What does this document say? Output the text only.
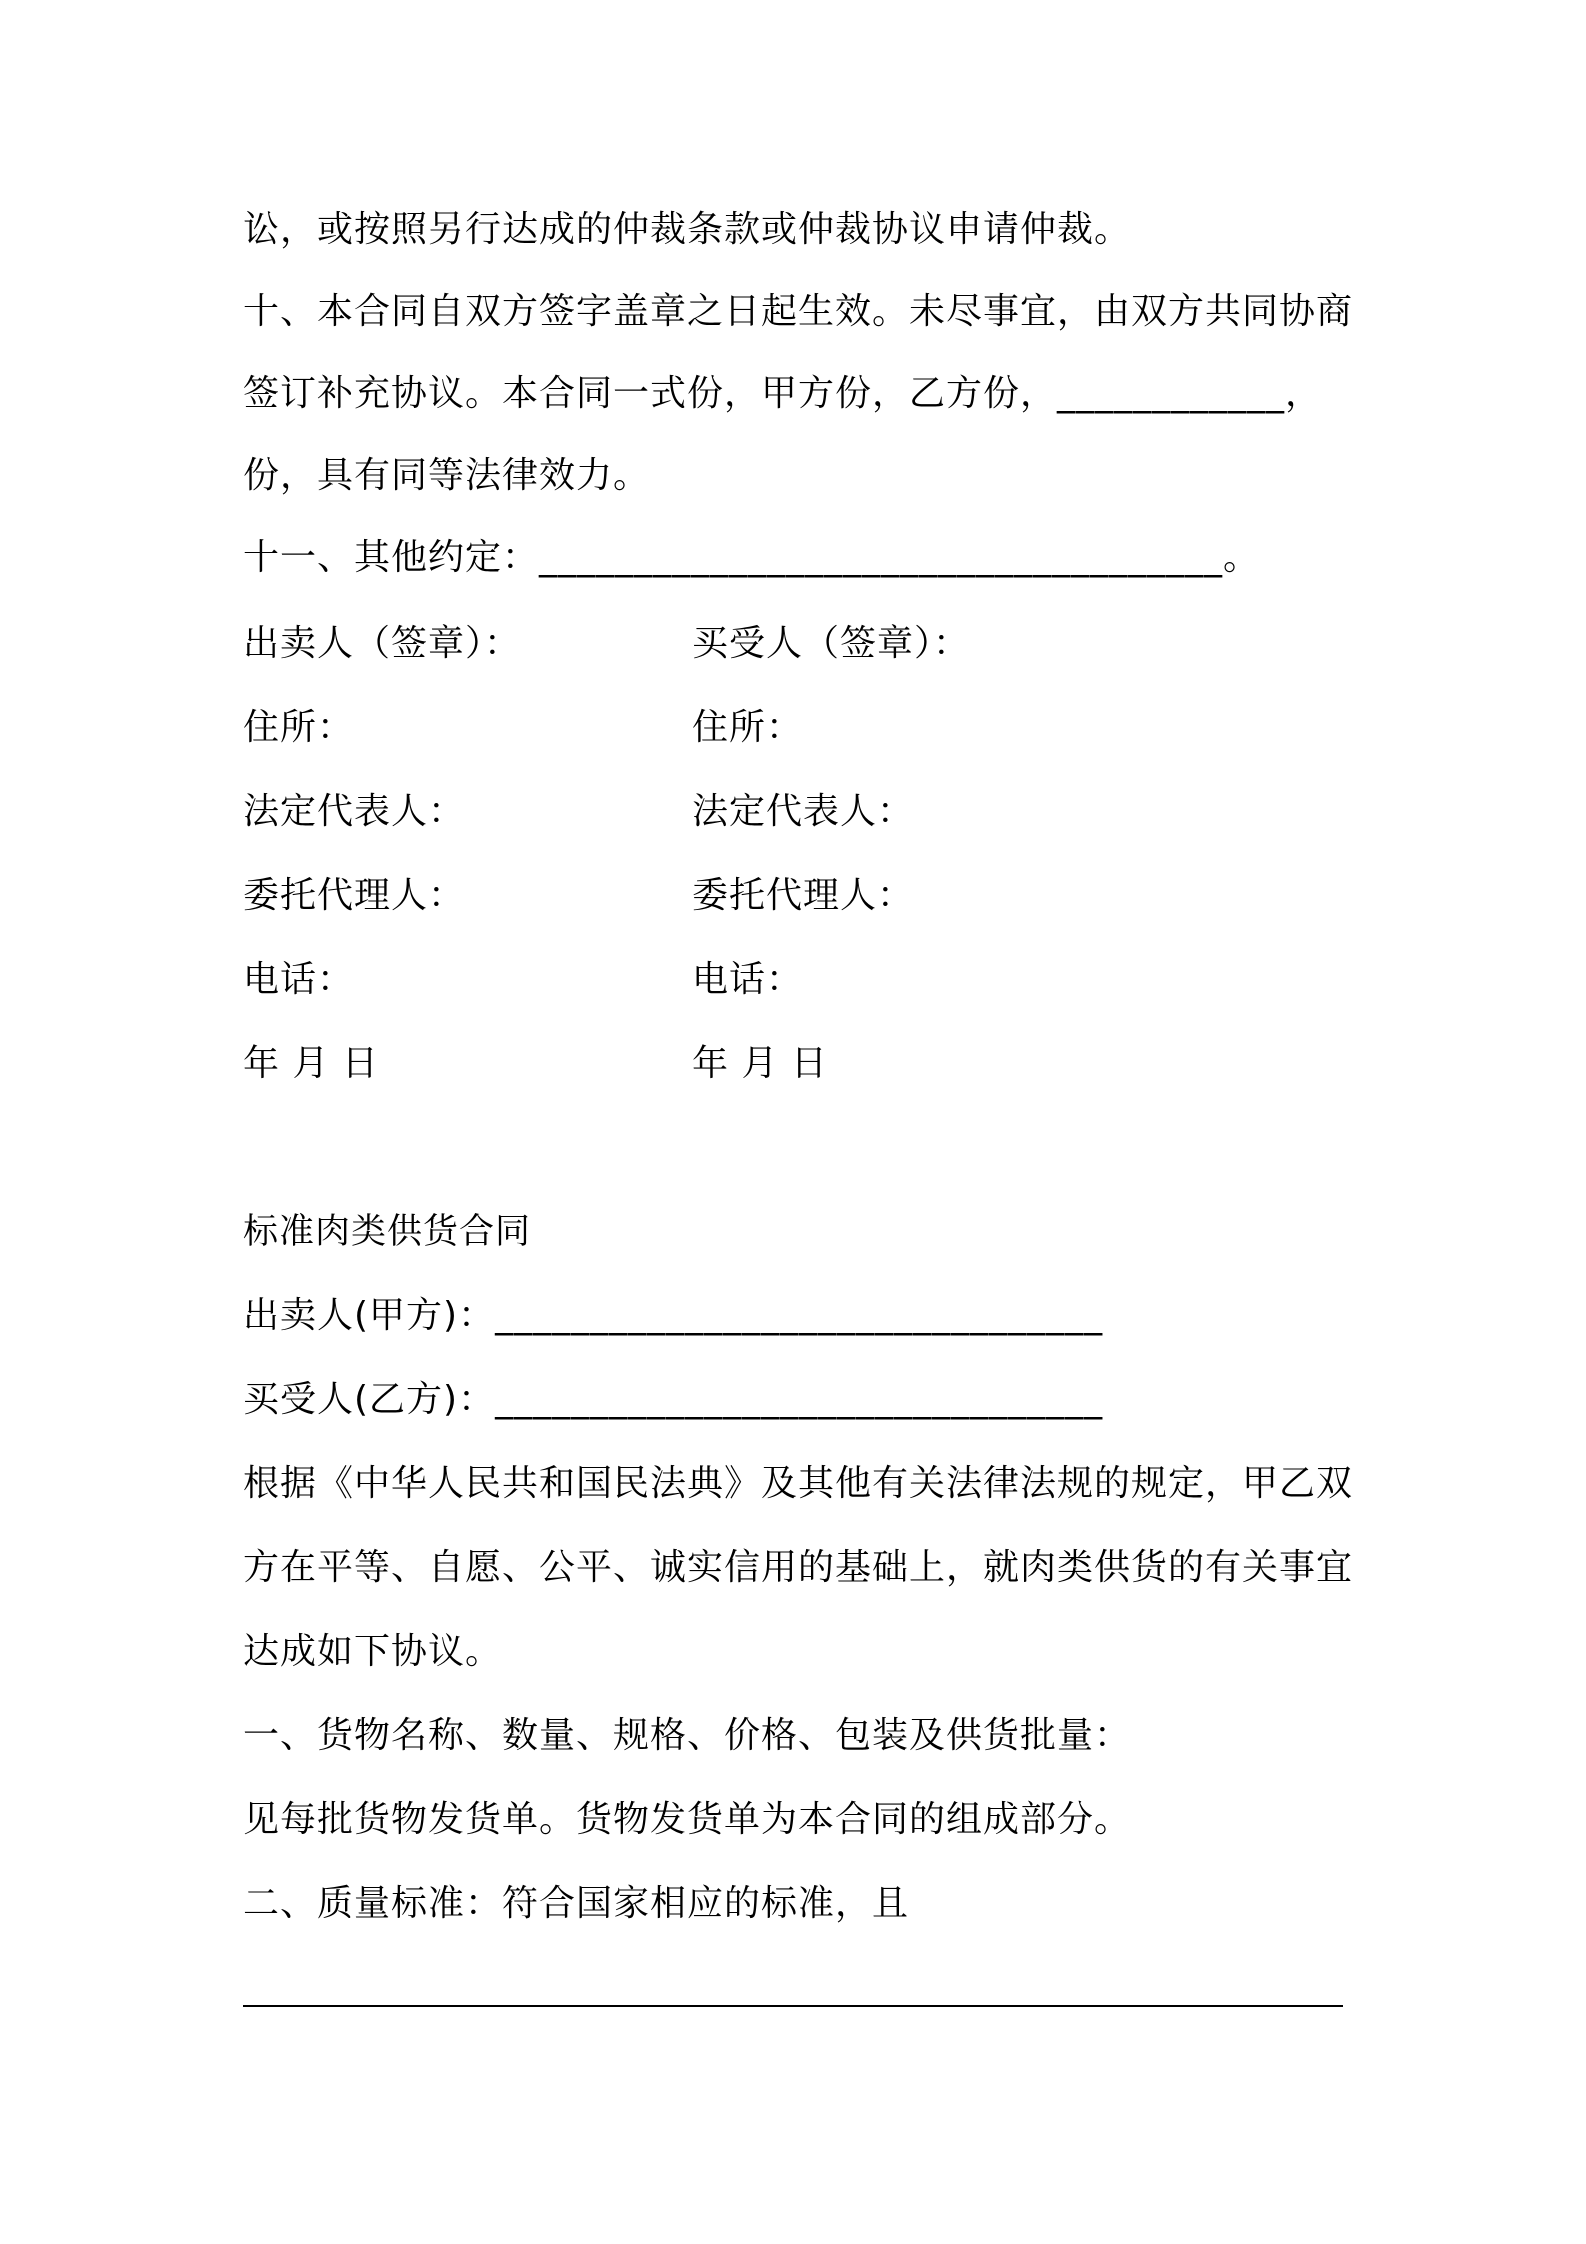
讼，或按照另行达成的仲裁条款或仲裁协议申请仲裁。
十、本合同自双方签字盖章之日起生效。未尽事宜，由双方共同协商
签订补充协议。本合同一式份，甲方份，乙方份，____________，
份，具有同等法律效力。
十一、其他约定：____________________________________。
出卖人（签章）：
住所：
法定代表人：
委托代理人：
电话：
年 月 日
买受人（签章）：
住所：
法定代表人：
委托代理人：
电话：
年 月 日
标准肉类供货合同
出卖人(甲方)：________________________________
买受人(乙方)：________________________________
根据《中华人民共和国民法典》及其他有关法律法规的规定，甲乙双
方在平等、自愿、公平、诚实信用的基础上，就肉类供货的有关事宜
达成如下协议。
一、货物名称、数量、规格、价格、包装及供货批量：
见每批货物发货单。货物发货单为本合同的组成部分。
二、质量标准：符合国家相应的标准，且
